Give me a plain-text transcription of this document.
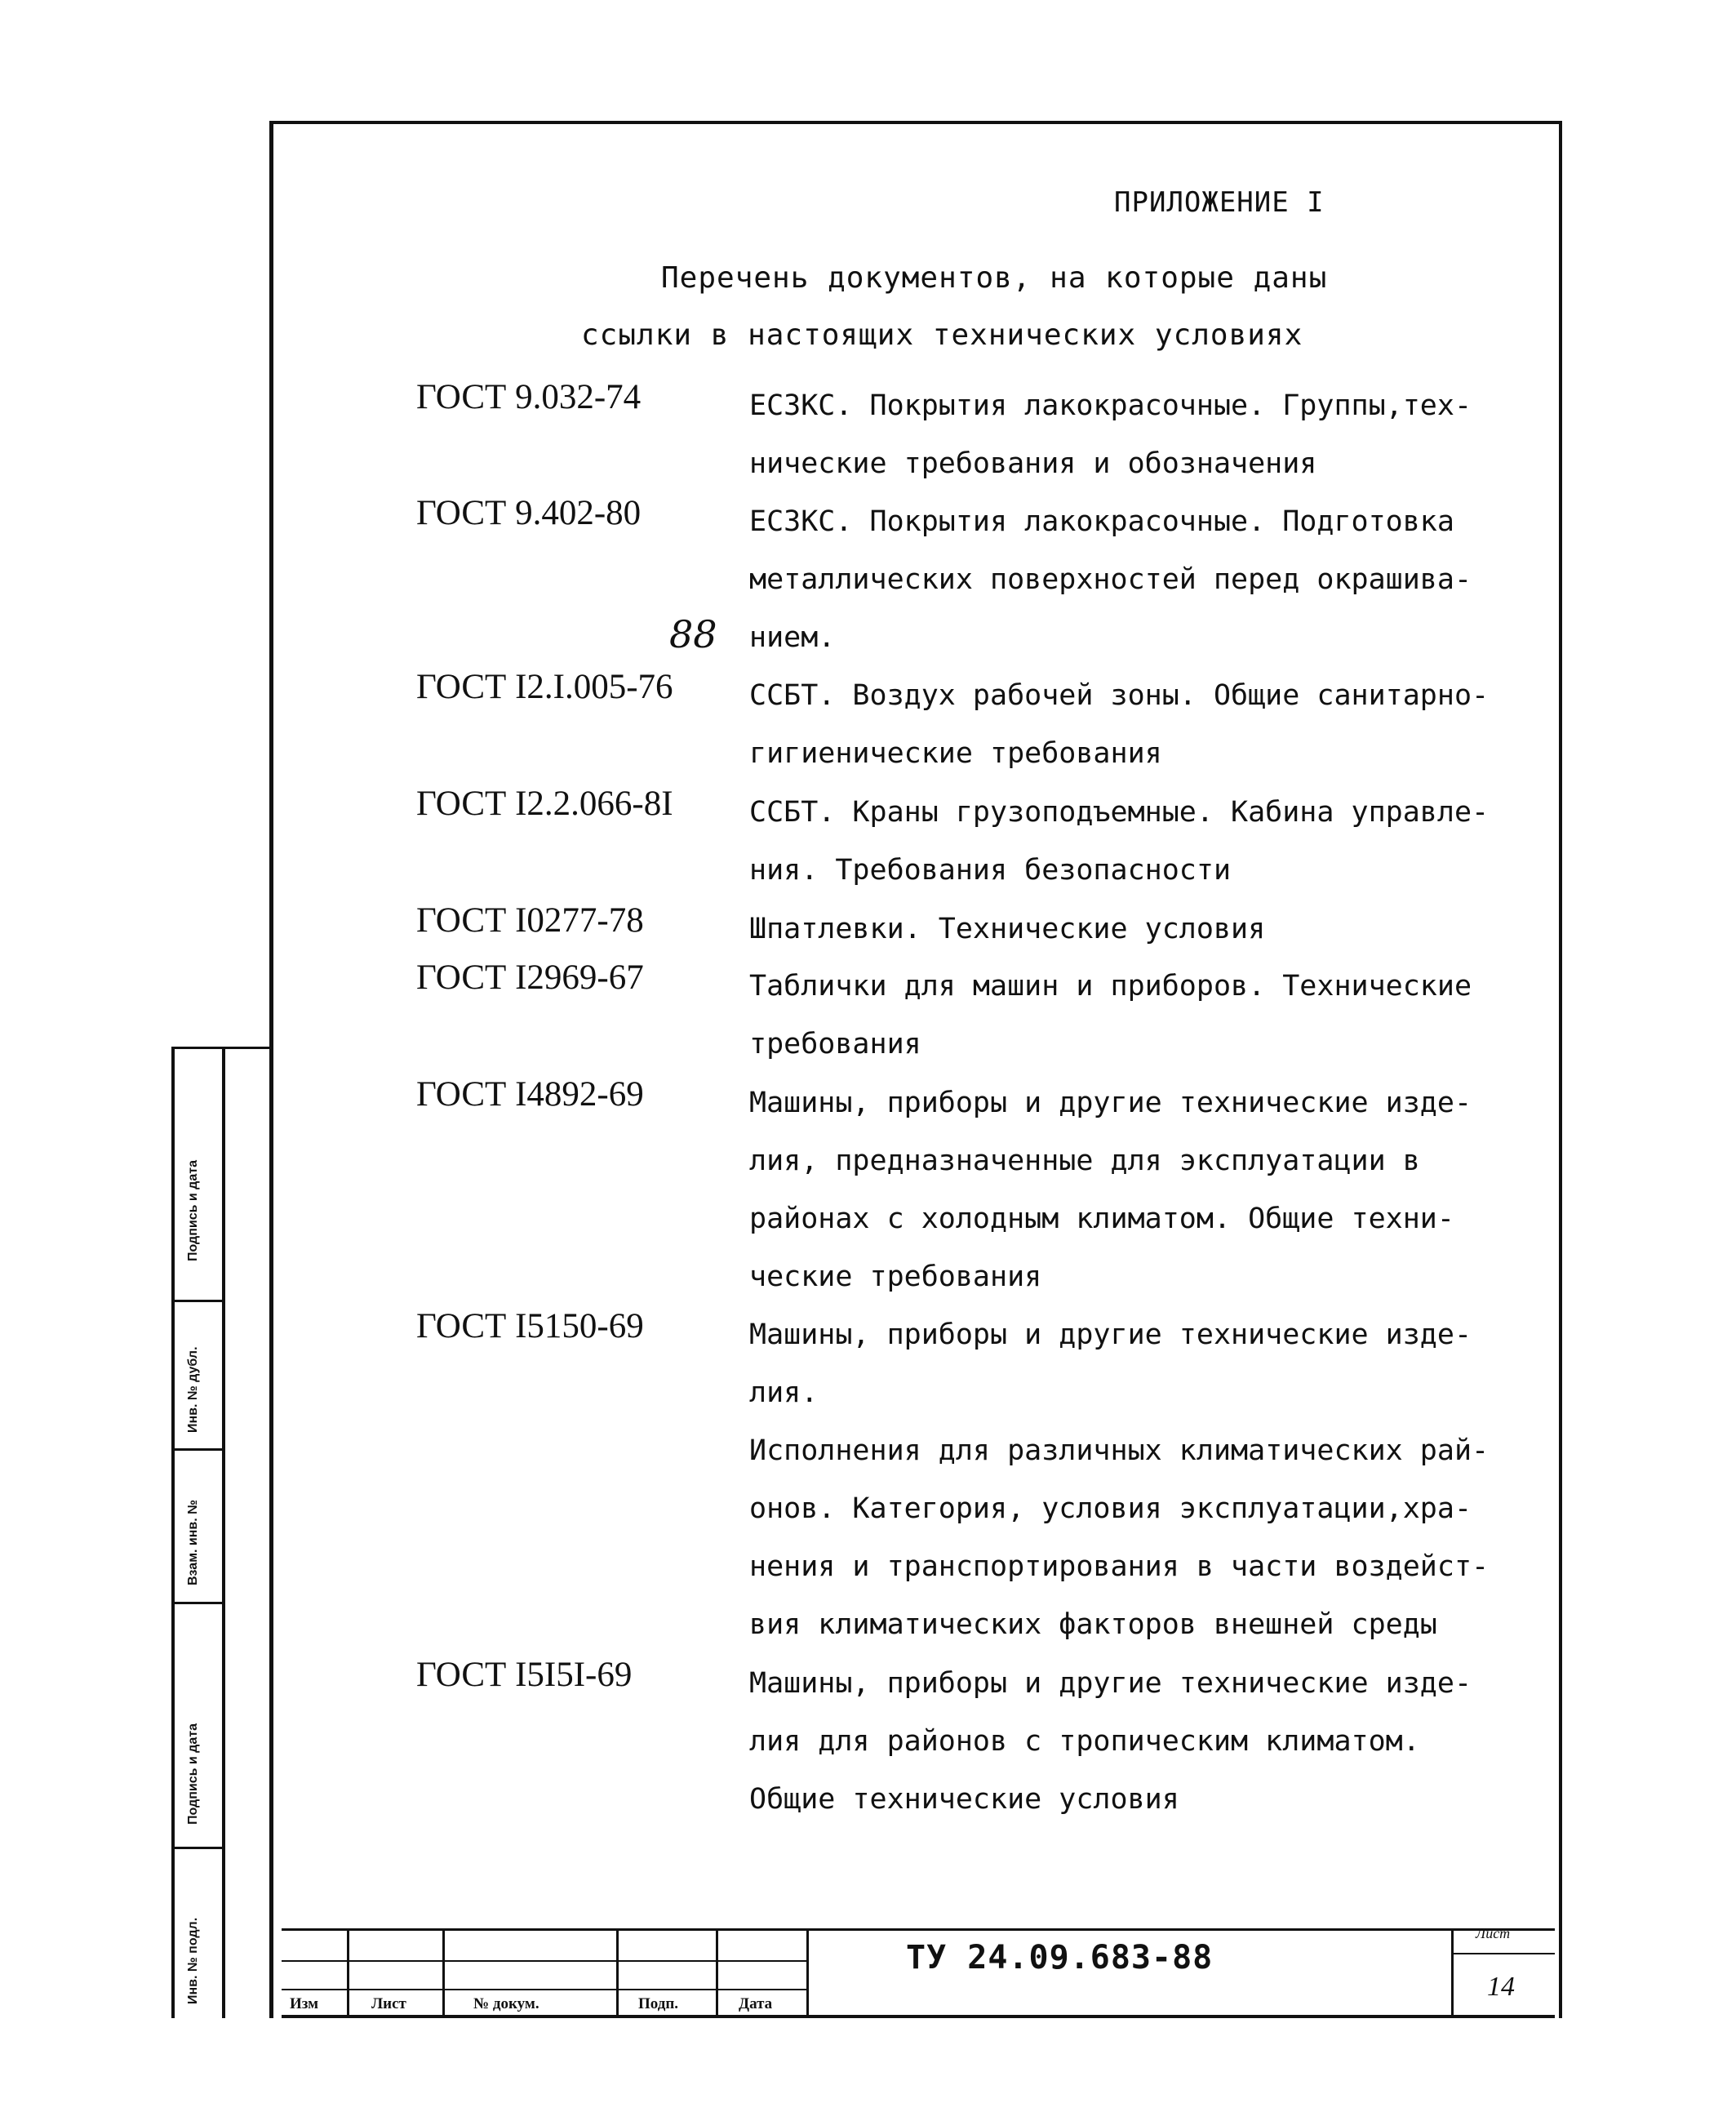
ПРИЛОЖЕНИЕ I
Перечень документов, на которые даны
ссылки в настоящих технических условиях
ГОСТ 9.032-74	ЕСЗКС. Покрытия лакокрасочные. Группы,тех-
нические требования и обозначения
ГОСТ 9.402-80	ЕСЗКС. Покрытия лакокрасочные. Подготовка
металлических поверхностей перед окрашива-
нием.
88
ГОСТ I2.I.005-76	ССБТ. Воздух рабочей зоны. Общие санитарно-
гигиенические требования
ГОСТ I2.2.066-8I	ССБТ. Краны грузоподъемные. Кабина управле-
ния. Требования безопасности
ГОСТ I0277-78	Шпатлевки. Технические условия
ГОСТ I2969-67	Таблички для машин и приборов. Технические
требования
ГОСТ I4892-69	Машины, приборы и другие технические изде-
лия, предназначенные для эксплуатации в
районах с холодным климатом. Общие техни-
ческие требования
ГОСТ I5150-69	Машины, приборы и другие технические изде-
лия.
Исполнения для различных климатических рай-
онов. Категория, условия эксплуатации,хра-
нения и транспортирования в части воздейст-
вия климатических факторов внешней среды
ГОСТ I5I5I-69	Машины, приборы и другие технические изде-
лия для районов с тропическим климатом.
Общие технические условия
Подпись и дата
Инв. № дубл.
Взам. инв. №
Подпись и дата
Инв. № подл.	Изм	Лист	№ докум.	Подп.	Дата
ТУ 24.09.683-88
Лист
14
